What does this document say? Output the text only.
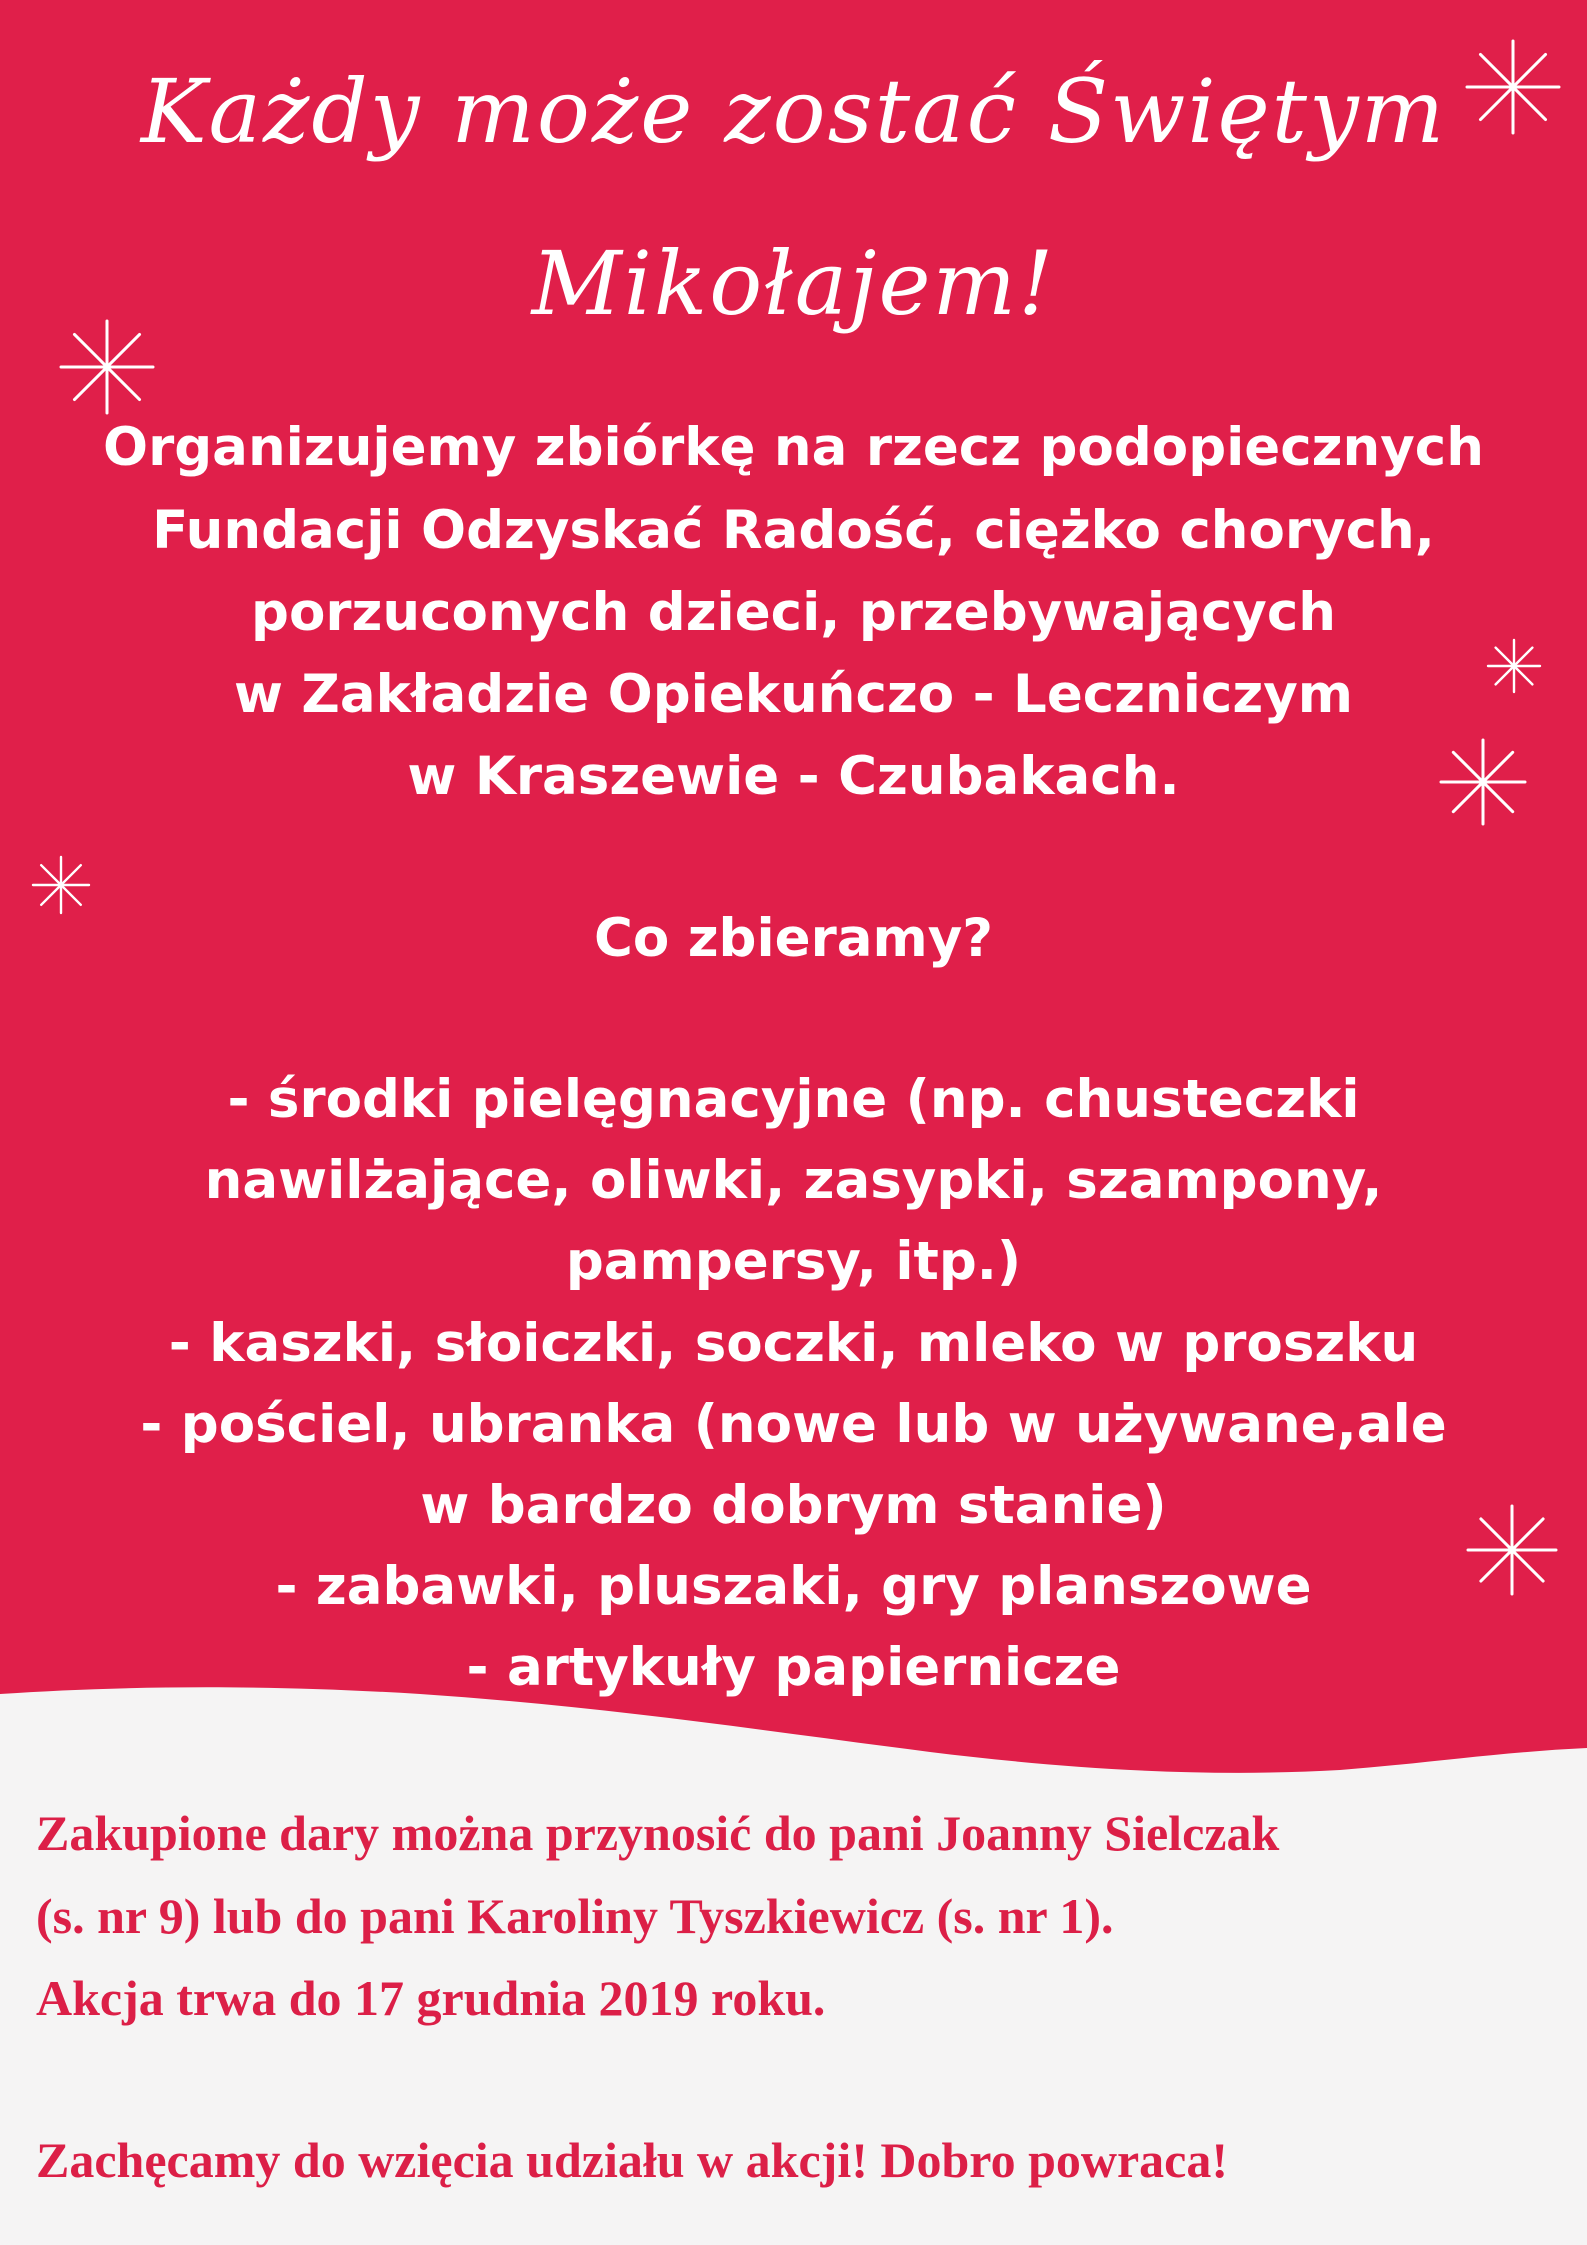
Każdy może zostać Świętym
Mikołajem!
Organizujemy zbiórkę na rzecz podopiecznych
Fundacji Odzyskać Radość, ciężko chorych,
porzuconych dzieci, przebywających
w Zakładzie Opiekuńczo - Leczniczym
w Kraszewie - Czubakach.
Co zbieramy?
- środki pielęgnacyjne (np. chusteczki
nawilżające, oliwki, zasypki, szampony,
pampersy, itp.)
- kaszki, słoiczki, soczki, mleko w proszku
- pościel, ubranka (nowe lub w używane,ale
w bardzo dobrym stanie)
- zabawki, pluszaki, gry planszowe
- artykuły papiernicze
Zakupione dary można przynosić do pani Joanny Sielczak
(s. nr 9) lub do pani Karoliny Tyszkiewicz (s. nr 1).
Akcja trwa do 17 grudnia 2019 roku.
Zachęcamy do wzięcia udziału w akcji! Dobro powraca!
